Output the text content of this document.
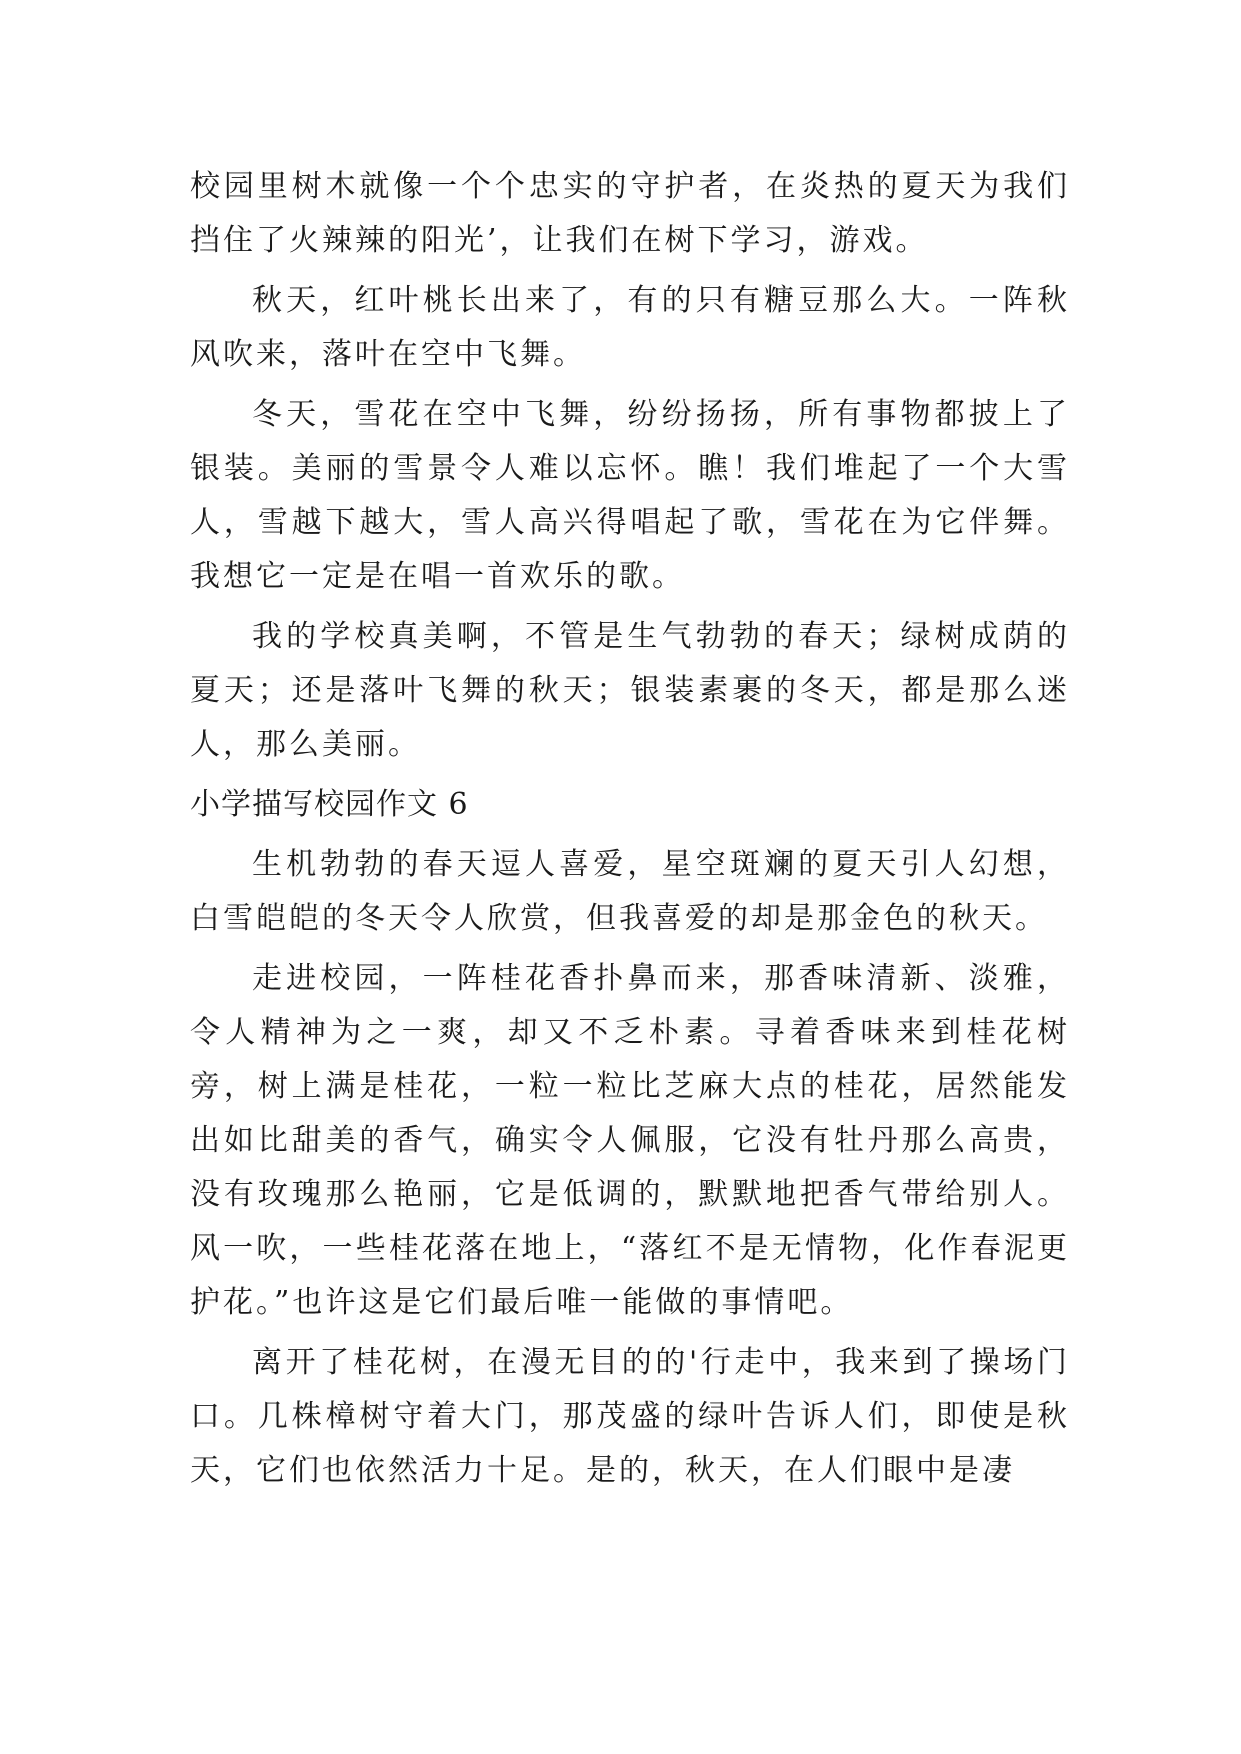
校园里树木就像一个个忠实的守护者，在炎热的夏天为我们挡住了火辣辣的阳光’，让我们在树下学习，游戏。

秋天，红叶桃长出来了，有的只有糖豆那么大。一阵秋风吹来，落叶在空中飞舞。

冬天，雪花在空中飞舞，纷纷扬扬，所有事物都披上了银装。美丽的雪景令人难以忘怀。瞧！我们堆起了一个大雪人，雪越下越大，雪人高兴得唱起了歌，雪花在为它伴舞。我想它一定是在唱一首欢乐的歌。

我的学校真美啊，不管是生气勃勃的春天；绿树成荫的夏天；还是落叶飞舞的秋天；银装素裹的冬天，都是那么迷人，那么美丽。

小学描写校园作文 6

生机勃勃的春天逗人喜爱，星空斑斓的夏天引人幻想，白雪皑皑的冬天令人欣赏，但我喜爱的却是那金色的秋天。

走进校园，一阵桂花香扑鼻而来，那香味清新、淡雅，令人精神为之一爽，却又不乏朴素。寻着香味来到桂花树旁，树上满是桂花，一粒一粒比芝麻大点的桂花，居然能发出如比甜美的香气，确实令人佩服，它没有牡丹那么高贵，没有玫瑰那么艳丽，它是低调的，默默地把香气带给别人。风一吹，一些桂花落在地上，“落红不是无情物，化作春泥更护花。”也许这是它们最后唯一能做的事情吧。

离开了桂花树，在漫无目的的'行走中，我来到了操场门口。几株樟树守着大门，那茂盛的绿叶告诉人们，即使是秋天，它们也依然活力十足。是的，秋天，在人们眼中是凄
